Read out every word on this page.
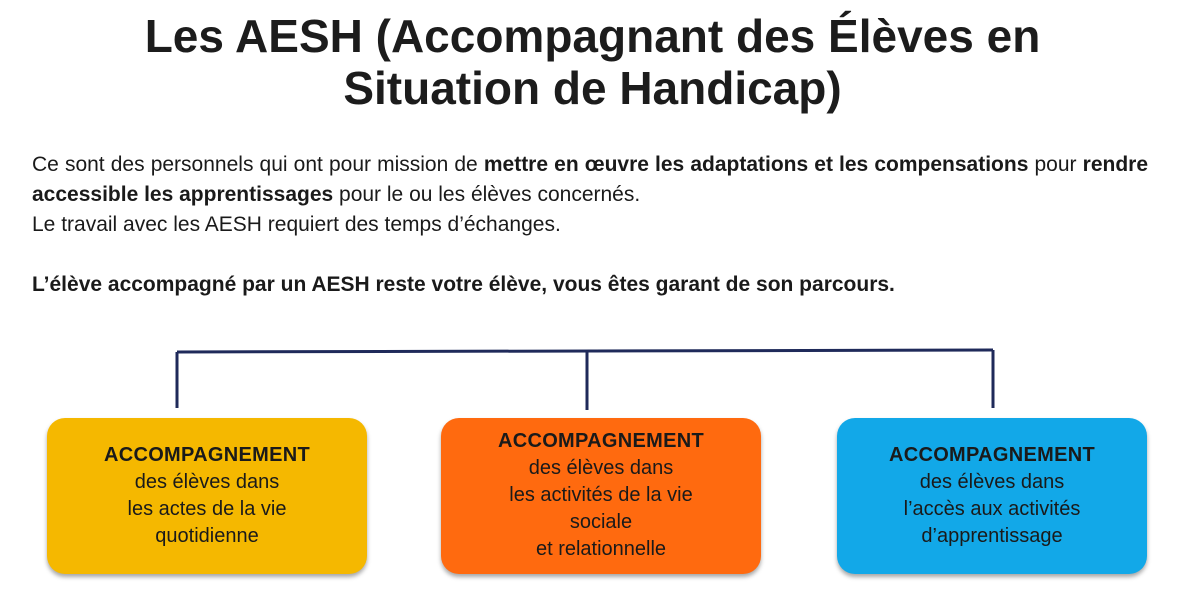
Les AESH (Accompagnant des Élèves en
Situation de Handicap)

Ce sont des personnels qui ont pour mission de mettre en œuvre les adaptations et les compensations pour rendre accessible les apprentissages pour le ou les élèves concernés.
Le travail avec les AESH requiert des temps d’échanges.

L’élève accompagné par un AESH reste votre élève, vous êtes garant de son parcours.

ACCOMPAGNEMENT
des élèves dans
les actes de la vie
quotidienne
ACCOMPAGNEMENT
des élèves dans
les activités de la vie
sociale
et relationnelle
ACCOMPAGNEMENT
des élèves dans
l’accès aux activités
d’apprentissage
